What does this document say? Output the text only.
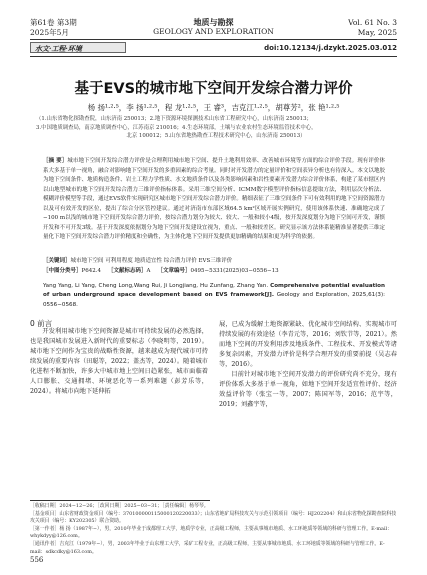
第61卷 第3期
2025年5月
地质与勘探
GEOLOGY AND EXPLORATION
Vol. 61 No. 3
May, 2025
水文·工程·环境	doi:10.12134/j.dzykt.2025.03.012
基于EVS的城市地下空间开发综合潜力评价
杨 扬¹·²·⁵，李 扬¹·²·⁵，程 龙¹·²·⁵，王 睿³，吉克江¹·²·⁵，胡尊芳²，张 艳¹·²·⁵
（1.山东省物化探勘查院，山东济南 250013；2.地下资源环境探测技术山东省工程研究中心，山东济南 250013；
3.中国地质调查局，南京地质调查中心，江苏南京 210016；4.生态环境部，土壤与农业农村生态环境监管技术中心，
北京 100012；5.山东省地热勘查工程技术研究中心，山东济南 250013）
［摘 要］城市地下空间开发综合潜力评价是合理利用城市地下空间、提升土地利用效率、改善城市环境等方面的综合评价手段。现有评价体系大多基于单一视角，融合对影响地下空间开发的多重因素的综合考量。同时对开发潜力的定量评价和空间表异分析也有待深入。本文以地胶为地下空间条件、地质构造条件、岩土工程力学性质、水文地质条件以及各类影响因素和岩性要素开发潜力综合评价体系，构建了某市辖区内以山地型城市的地下空间开发综合潜力三维评价指标体系。采用三维空间分析、ICMM数字模型评价指标信息提取方法，利用层次分析法、模糊评价模型等手段，通过EVS软件实现研究区城市地下空间开发综合潜力评价。精细表征了三维空间条件下可有效利用的地下空间资源潜力以及可有效开发的区位，提出了综合分区管控建议。通过对济南市东部区域64.5 km²区域开展实例研究，使用该体系快速、准确地完成了−100 m以浅的城市地下空间开发综合潜力评价，按综合潜力划分为较大、较大、一般和较小4级，按开发深度划分为地下空间可开发，谨慎开发和不可开发3级。基于开发深度依据划分为地下空间开发建设宜视为，重点、一般和较差区。研究显示该方法体系能精准显著提供三维定量化下地下空间开发综合潜力评价精度和全确性，为主体化地下空间开发提供更加精确的结果和更为科学的依据。
［关键词］城市地下空间 可利用程度 地质适宜性 综合潜力评价 EVS三维评价
［中图分类号］P642.4 ［文献标志码］A ［文章编号］0495−5331(2025)03−0556−13
Yang Yang, Li Yang, Cheng Long,Wang Rui, Ji Longjiang, Hu Zunfang, Zhang Yan. Comprehensive potential evaluation of urban underground space development based on EVS framework[J]. Geology and Exploration, 2025,61(3): 0556−0568.
0 前言

开发利用城市地下空间资源是城市可持续发展的必然选择，也是我国城市发展进入新时代的重要标志（李晓明等，2019）。城市地下空间作为宝贵的战略性资源，越来越成为现代城市可持续发展的重要内容（田聪等，2022；盖杰等，2024）。随着城市化进程不断加快，许多大中城市地上空间日趋紧张，城市面临着人口膨胀、交通拥堵、环境恶化等一系列难题（彭芳乐等，2024）。将城市向地下延伸拓

展，已成为缓解土地资源紧缺、优化城市空间结构、实现城市可持续发展的有效途径（李青元等，2016；刘钦节等，2021）。然而地下空间的开发利用涉及地质条件、工程技术、开发模式等诸多复杂因素，开发潜力评价是科学合理开发的重要前提（吴志春等，2016）。

目前针对城市地下空间开发潜力的评价研究尚不充分，现有评价体系大多基于单一视角，如地下空间开发适宜性评价、经济效益评价等（张宝一等，2007；陈国军等，2016；范宇等，2019；刘鑫宇等，

［收稿日期］2024−12−26；［改回日期］2025−03−31；［责任编辑］杨琴琴。
［基金项目］山东省财政资金项目（编号：370100000115000120220033）；山东省地矿局科技攻关与示范引领项目（编号：HJ202204）和山东省物化探勘查院科技攻关项目（编号：KY202305）联合资助。
［第一作者］杨 扬（1987年−），男，2010年毕业于成都理工大学，地质学专业，正高级工程师，主要从事城市地质、水工环地质等领域的科研与管理工作。E-mail：whykdyy@126.com。
［通讯作者］吉克江（1979年−），男，2003年毕业于山东理工大学，采矿工程专业，正高级工程师，主要从事城市地质、水工环地质等领域的科研与管理工作。E-mail：sdkcdky@163.com。
556
